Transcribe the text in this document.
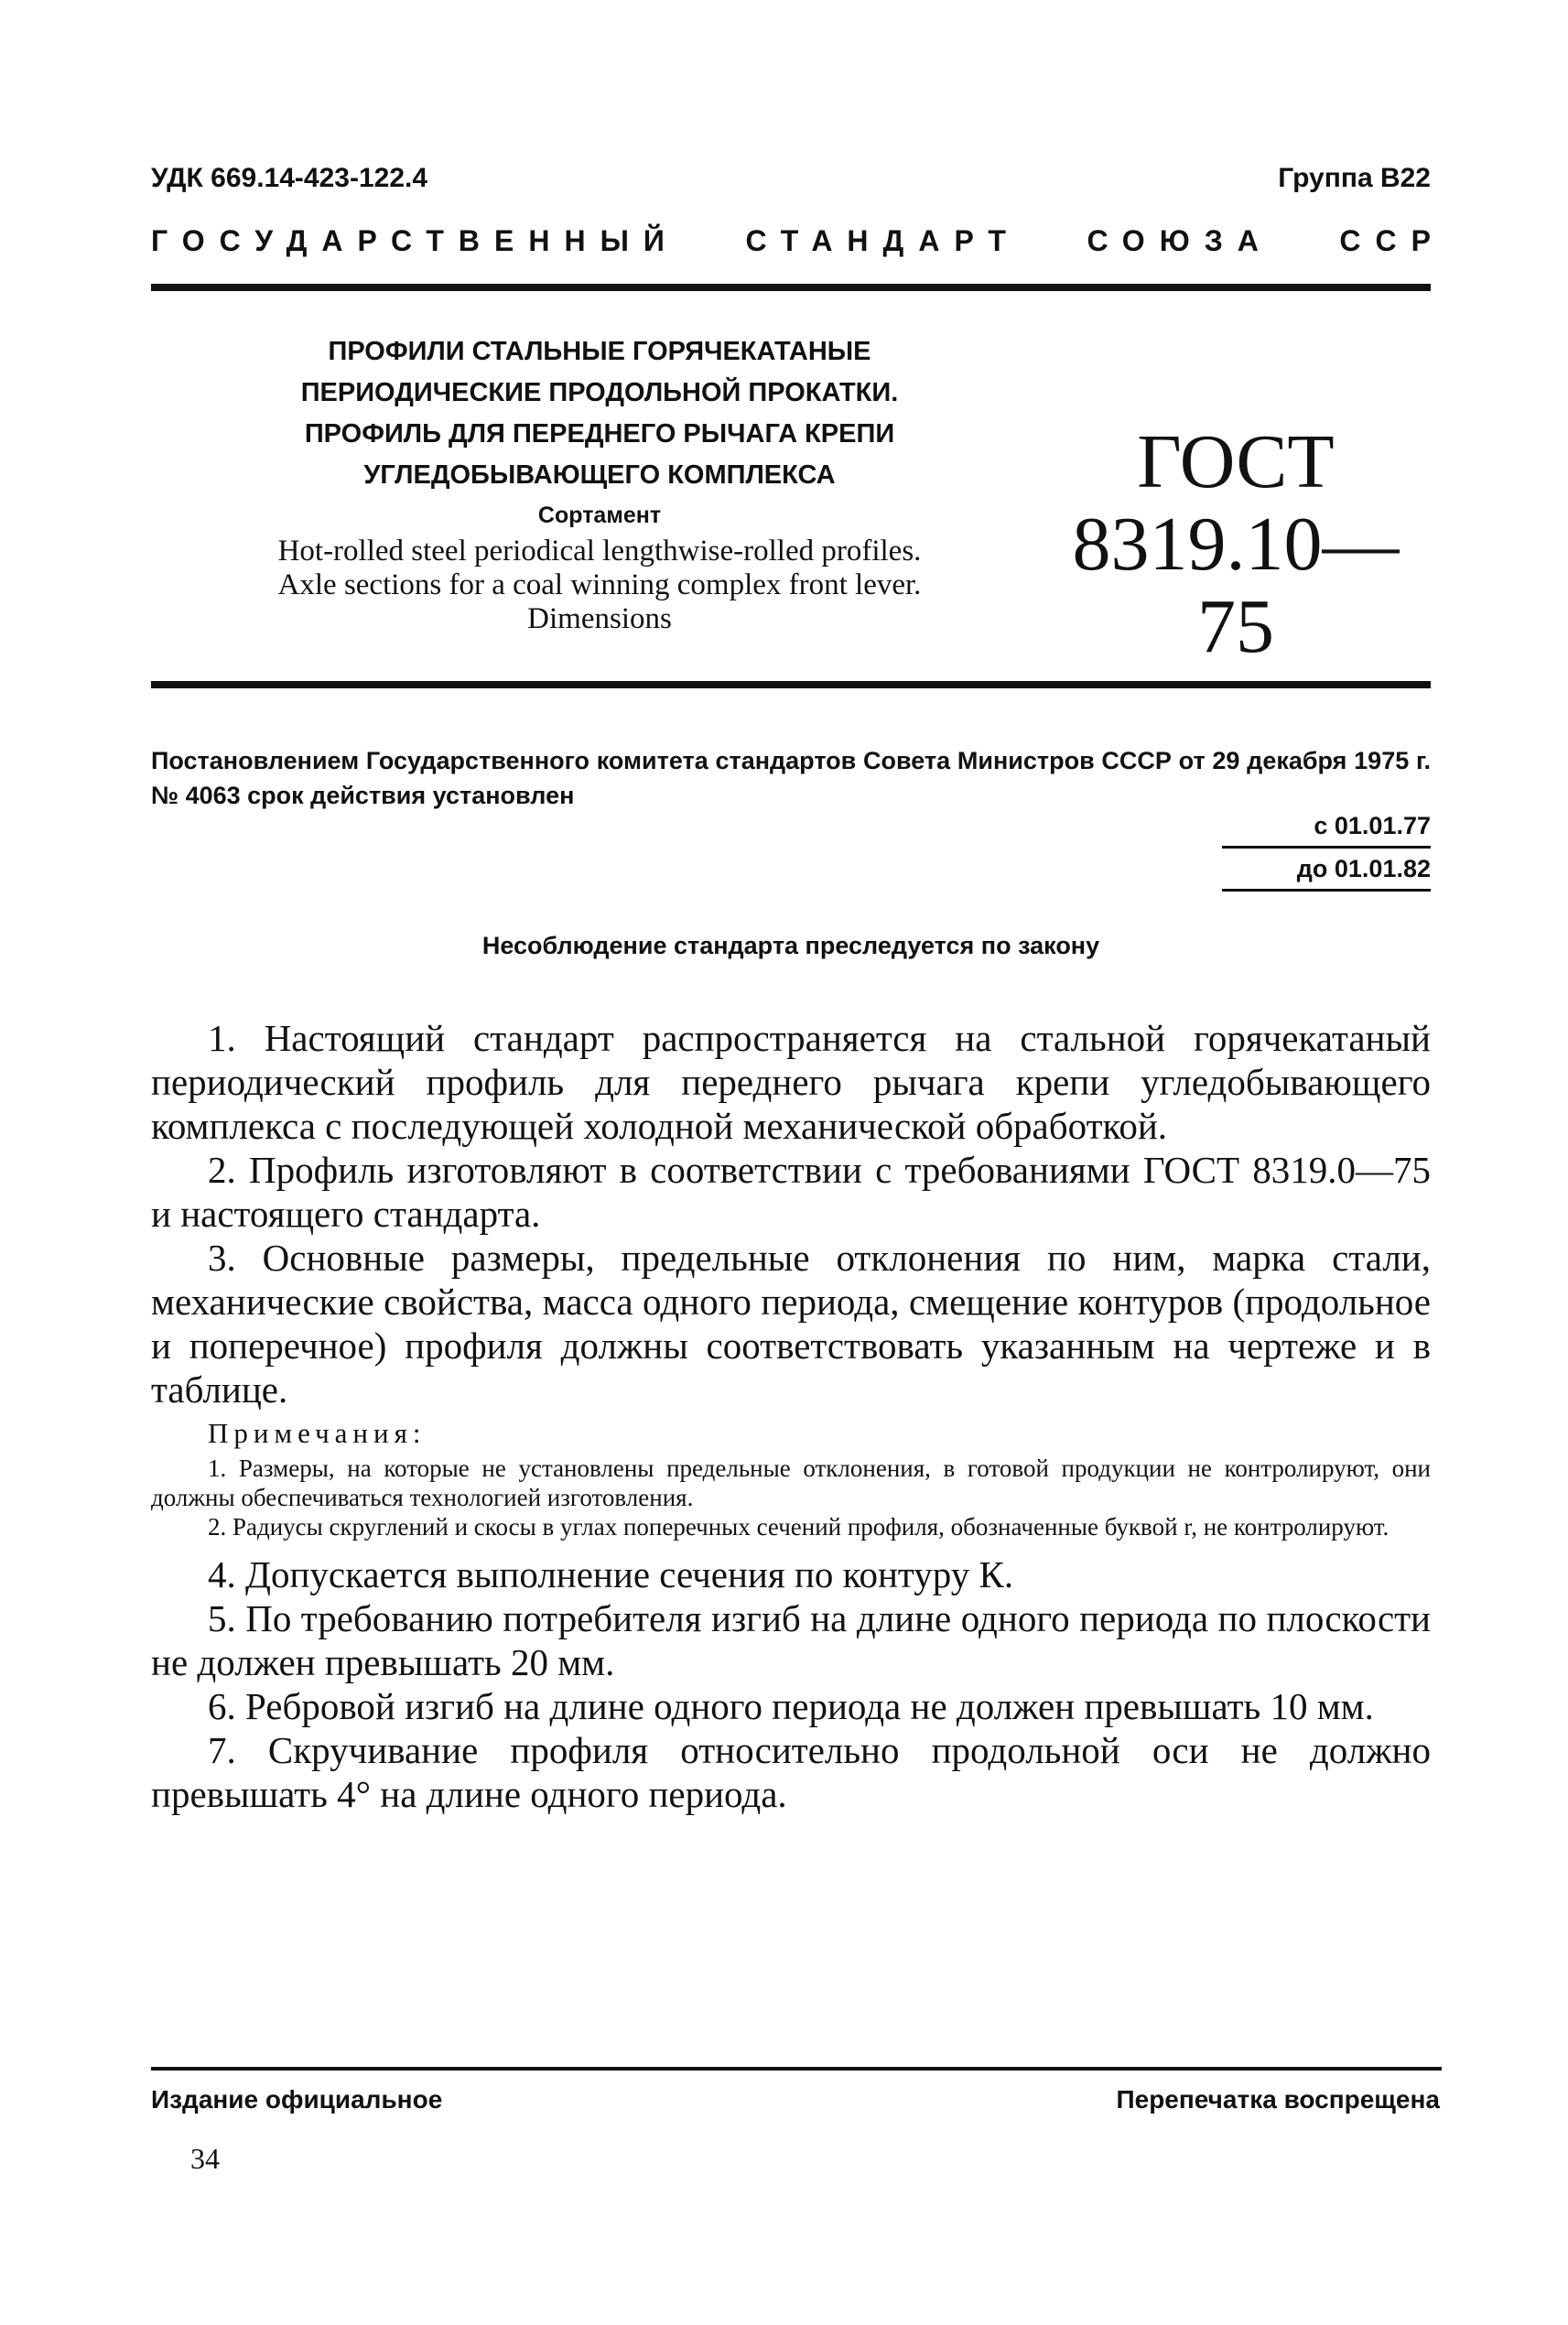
УДК 669.14-423-122.4	Группа В22
ГОСУДАРСТВЕННЫЙ СТАНДАРТ СОЮЗА ССР
ПРОФИЛИ СТАЛЬНЫЕ ГОРЯЧЕКАТАНЫЕ
ПЕРИОДИЧЕСКИЕ ПРОДОЛЬНОЙ ПРОКАТКИ.
ПРОФИЛЬ ДЛЯ ПЕРЕДНЕГО РЫЧАГА КРЕПИ
УГЛЕДОБЫВАЮЩЕГО КОМПЛЕКСА
Сортамент
Hot-rolled steel periodical lengthwise-rolled profiles.
Axle sections for a coal winning complex front lever.
Dimensions
ГОСТ
8319.10—75
Постановлением Государственного комитета стандартов Совета Министров СССР от 29 декабря 1975 г. № 4063 срок действия установлен
с 01.01.77
до 01.01.82
Несоблюдение стандарта преследуется по закону

1. Настоящий стандарт распространяется на стальной горячекатаный периодический профиль для переднего рычага крепи угледобывающего комплекса с последующей холодной механической обработкой.

2. Профиль изготовляют в соответствии с требованиями ГОСТ 8319.0—75 и настоящего стандарта.

3. Основные размеры, предельные отклонения по ним, марка стали, механические свойства, масса одного периода, смещение контуров (продольное и поперечное) профиля должны соответствовать указанным на чертеже и в таблице.

Примечания:

1. Размеры, на которые не установлены предельные отклонения, в готовой продукции не контролируют, они должны обеспечиваться технологией изготовления.

2. Радиусы скруглений и скосы в углах поперечных сечений профиля, обозначенные буквой r, не контролируют.

4. Допускается выполнение сечения по контуру К.

5. По требованию потребителя изгиб на длине одного периода по плоскости не должен превышать 20 мм.

6. Ребровой изгиб на длине одного периода не должен превышать 10 мм.

7. Скручивание профиля относительно продольной оси не должно превышать 4° на длине одного периода.

Издание официальное	Перепечатка воспрещена
34
